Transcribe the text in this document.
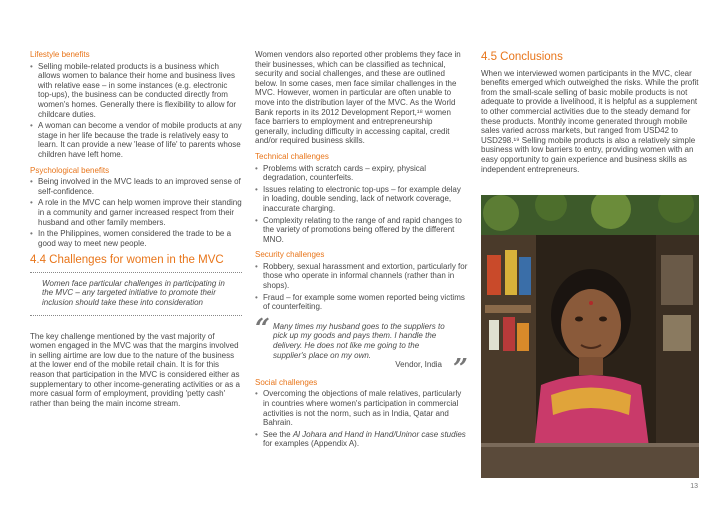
Lifestyle benefits
• Selling mobile-related products is a business which allows women to balance their home and business lives with relative ease – in some instances (e.g. electronic top-ups), the business can be conducted directly from women's homes. Generally there is flexibility to allow for childcare duties.
• A woman can become a vendor of mobile products at any stage in her life because the trade is relatively easy to learn. It can provide a new 'lease of life' to parents whose children have left home.
Psychological benefits
• Being involved in the MVC leads to an improved sense of self-confidence.
• A role in the MVC can help women improve their standing in a community and garner increased respect from their husband and other family members.
• In the Philippines, women considered the trade to be a good way to meet new people.
4.4 Challenges for women in the MVC
Women face particular challenges in participating in the MVC – any targeted initiative to promote their inclusion should take these into consideration

The key challenge mentioned by the vast majority of women engaged in the MVC was that the margins involved in selling airtime are low due to the nature of the business at the lower end of the mobile retail chain. It is for this reason that participation in the MVC is considered either as supplementary to other income-generating activities or as a more casual form of employment, providing 'petty cash' rather than being the main income stream.

Women vendors also reported other problems they face in their businesses, which can be classified as technical, security and social challenges, and these are outlined below. In some cases, men face similar challenges in the MVC. However, women in particular are often unable to move into the distribution layer of the MVC. As the World Bank reports in its 2012 Development Report,¹⁸ women face barriers to employment and entrepreneurship generally, including difficulty in accessing capital, credit and/or required business skills.

Technical challenges
• Problems with scratch cards – expiry, physical degradation, counterfeits.
• Issues relating to electronic top-ups – for example delay in loading, double sending, lack of network coverage, inaccurate charging.
• Complexity relating to the range of and rapid changes to the variety of promotions being offered by the different MNO.
Security challenges
• Robbery, sexual harassment and extortion, particularly for those who operate in informal channels (rather than in shops).
• Fraud – for example some women reported being victims of counterfeiting.
“ Many times my husband goes to the suppliers to pick up my goods and pays them. I handle the delivery. He does not like me going to the supplier's place on my own.
Vendor, India ”
Social challenges
• Overcoming the objections of male relatives, particularly in countries where women's participation in commercial activities is not the norm, such as in India, Qatar and Bahrain.
• See the Al Johara and Hand in Hand/Uninor case studies for examples (Appendix A).
4.5 Conclusions

When we interviewed women participants in the MVC, clear benefits emerged which outweighed the risks. While the profit from the small-scale selling of basic mobile products is not adequate to provide a livelihood, it is helpful as a supplement to other commercial activities due to the steady demand for these products. Monthly income generated through mobile sales varied across markets, but ranged from USD42 to USD298.¹⁹ Selling mobile products is also a relatively simple business with low barriers to entry, providing women with an easy opportunity to gain experience and business skills as independent entrepreneurs.

13
